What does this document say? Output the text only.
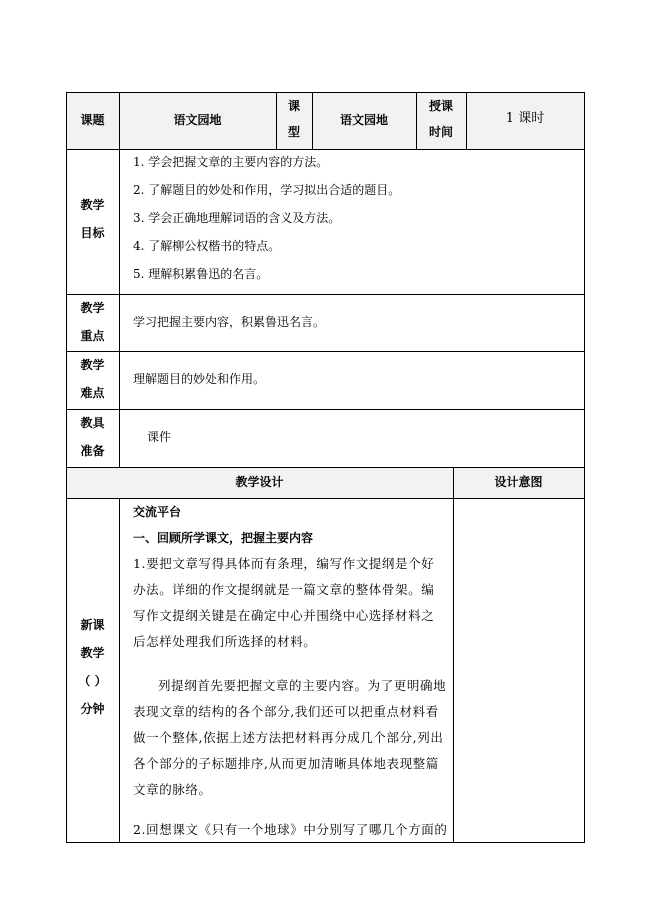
课题	语文园地
课
型
语文园地
授课
时间
1 课时
教学
目标
1. 学会把握文章的主要内容的方法。
2. 了解题目的妙处和作用，学习拟出合适的题目。
3. 学会正确地理解词语的含义及方法。
4. 了解柳公权楷书的特点。
5. 理解积累鲁迅的名言。
教学
重点
学习把握主要内容，积累鲁迅名言。
教学
难点
理解题目的妙处和作用。
教具
准备
课件
教学设计	设计意图
新课
教学
（ ）
分钟
交流平台
一、回顾所学课文，把握主要内容
1.要把文章写得具体而有条理，编写作文提纲是个好办法。详细的作文提纲就是一篇文章的整体骨架。编写作文提纲关键是在确定中心并围绕中心选择材料之后怎样处理我们所选择的材料。
列提纲首先要把握文章的主要内容。为了更明确地表现文章的结构的各个部分,我们还可以把重点材料看做一个整体,依据上述方法把材料再分成几个部分,列出各个部分的子标题排序,从而更加清晰具体地表现整篇文章的脉络。
2.回想课文《只有一个地球》中分别写了哪几个方面的
